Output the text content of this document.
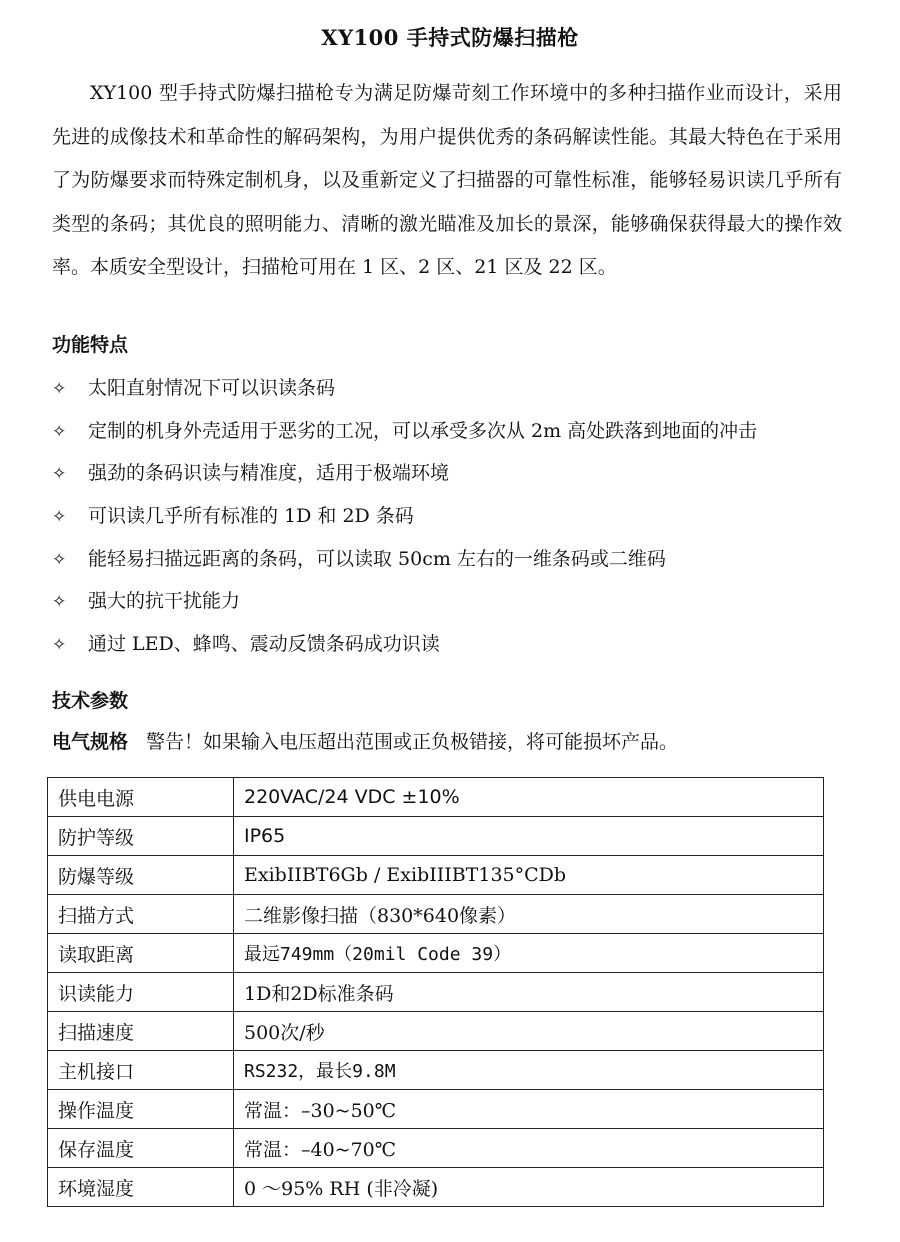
XY100 手持式防爆扫描枪

XY100 型手持式防爆扫描枪专为满足防爆苛刻工作环境中的多种扫描作业而设计，采用先进的成像技术和革命性的解码架构，为用户提供优秀的条码解读性能。其最大特色在于采用了为防爆要求而特殊定制机身，以及重新定义了扫描器的可靠性标准，能够轻易识读几乎所有类型的条码；其优良的照明能力、清晰的激光瞄准及加长的景深，能够确保获得最大的操作效率。本质安全型设计，扫描枪可用在 1 区、2 区、21 区及 22 区。

功能特点
✧ 太阳直射情况下可以识读条码
✧ 定制的机身外壳适用于恶劣的工况，可以承受多次从 2m 高处跌落到地面的冲击
✧ 强劲的条码识读与精准度，适用于极端环境
✧ 可识读几乎所有标准的 1D 和 2D 条码
✧ 能轻易扫描远距离的条码，可以读取 50cm 左右的一维条码或二维码
✧ 强大的抗干扰能力
✧ 通过 LED、蜂鸣、震动反馈条码成功识读
技术参数
电气规格 警告！如果输入电压超出范围或正负极错接，将可能损坏产品。
供电电源	220VAC/24 VDC ±10%
防护等级	IP65
防爆等级	ExibIIBT6Gb / ExibIIIBT135°CDb
扫描方式	二维影像扫描（830*640像素）
读取距离	最远749mm（20mil Code 39）
识读能力	1D和2D标准条码
扫描速度	500次/秒
主机接口	RS232，最长9.8M
操作温度	常温：–30~50℃
保存温度	常温：–40~70℃
环境湿度	0 ～95% RH (非冷凝)
